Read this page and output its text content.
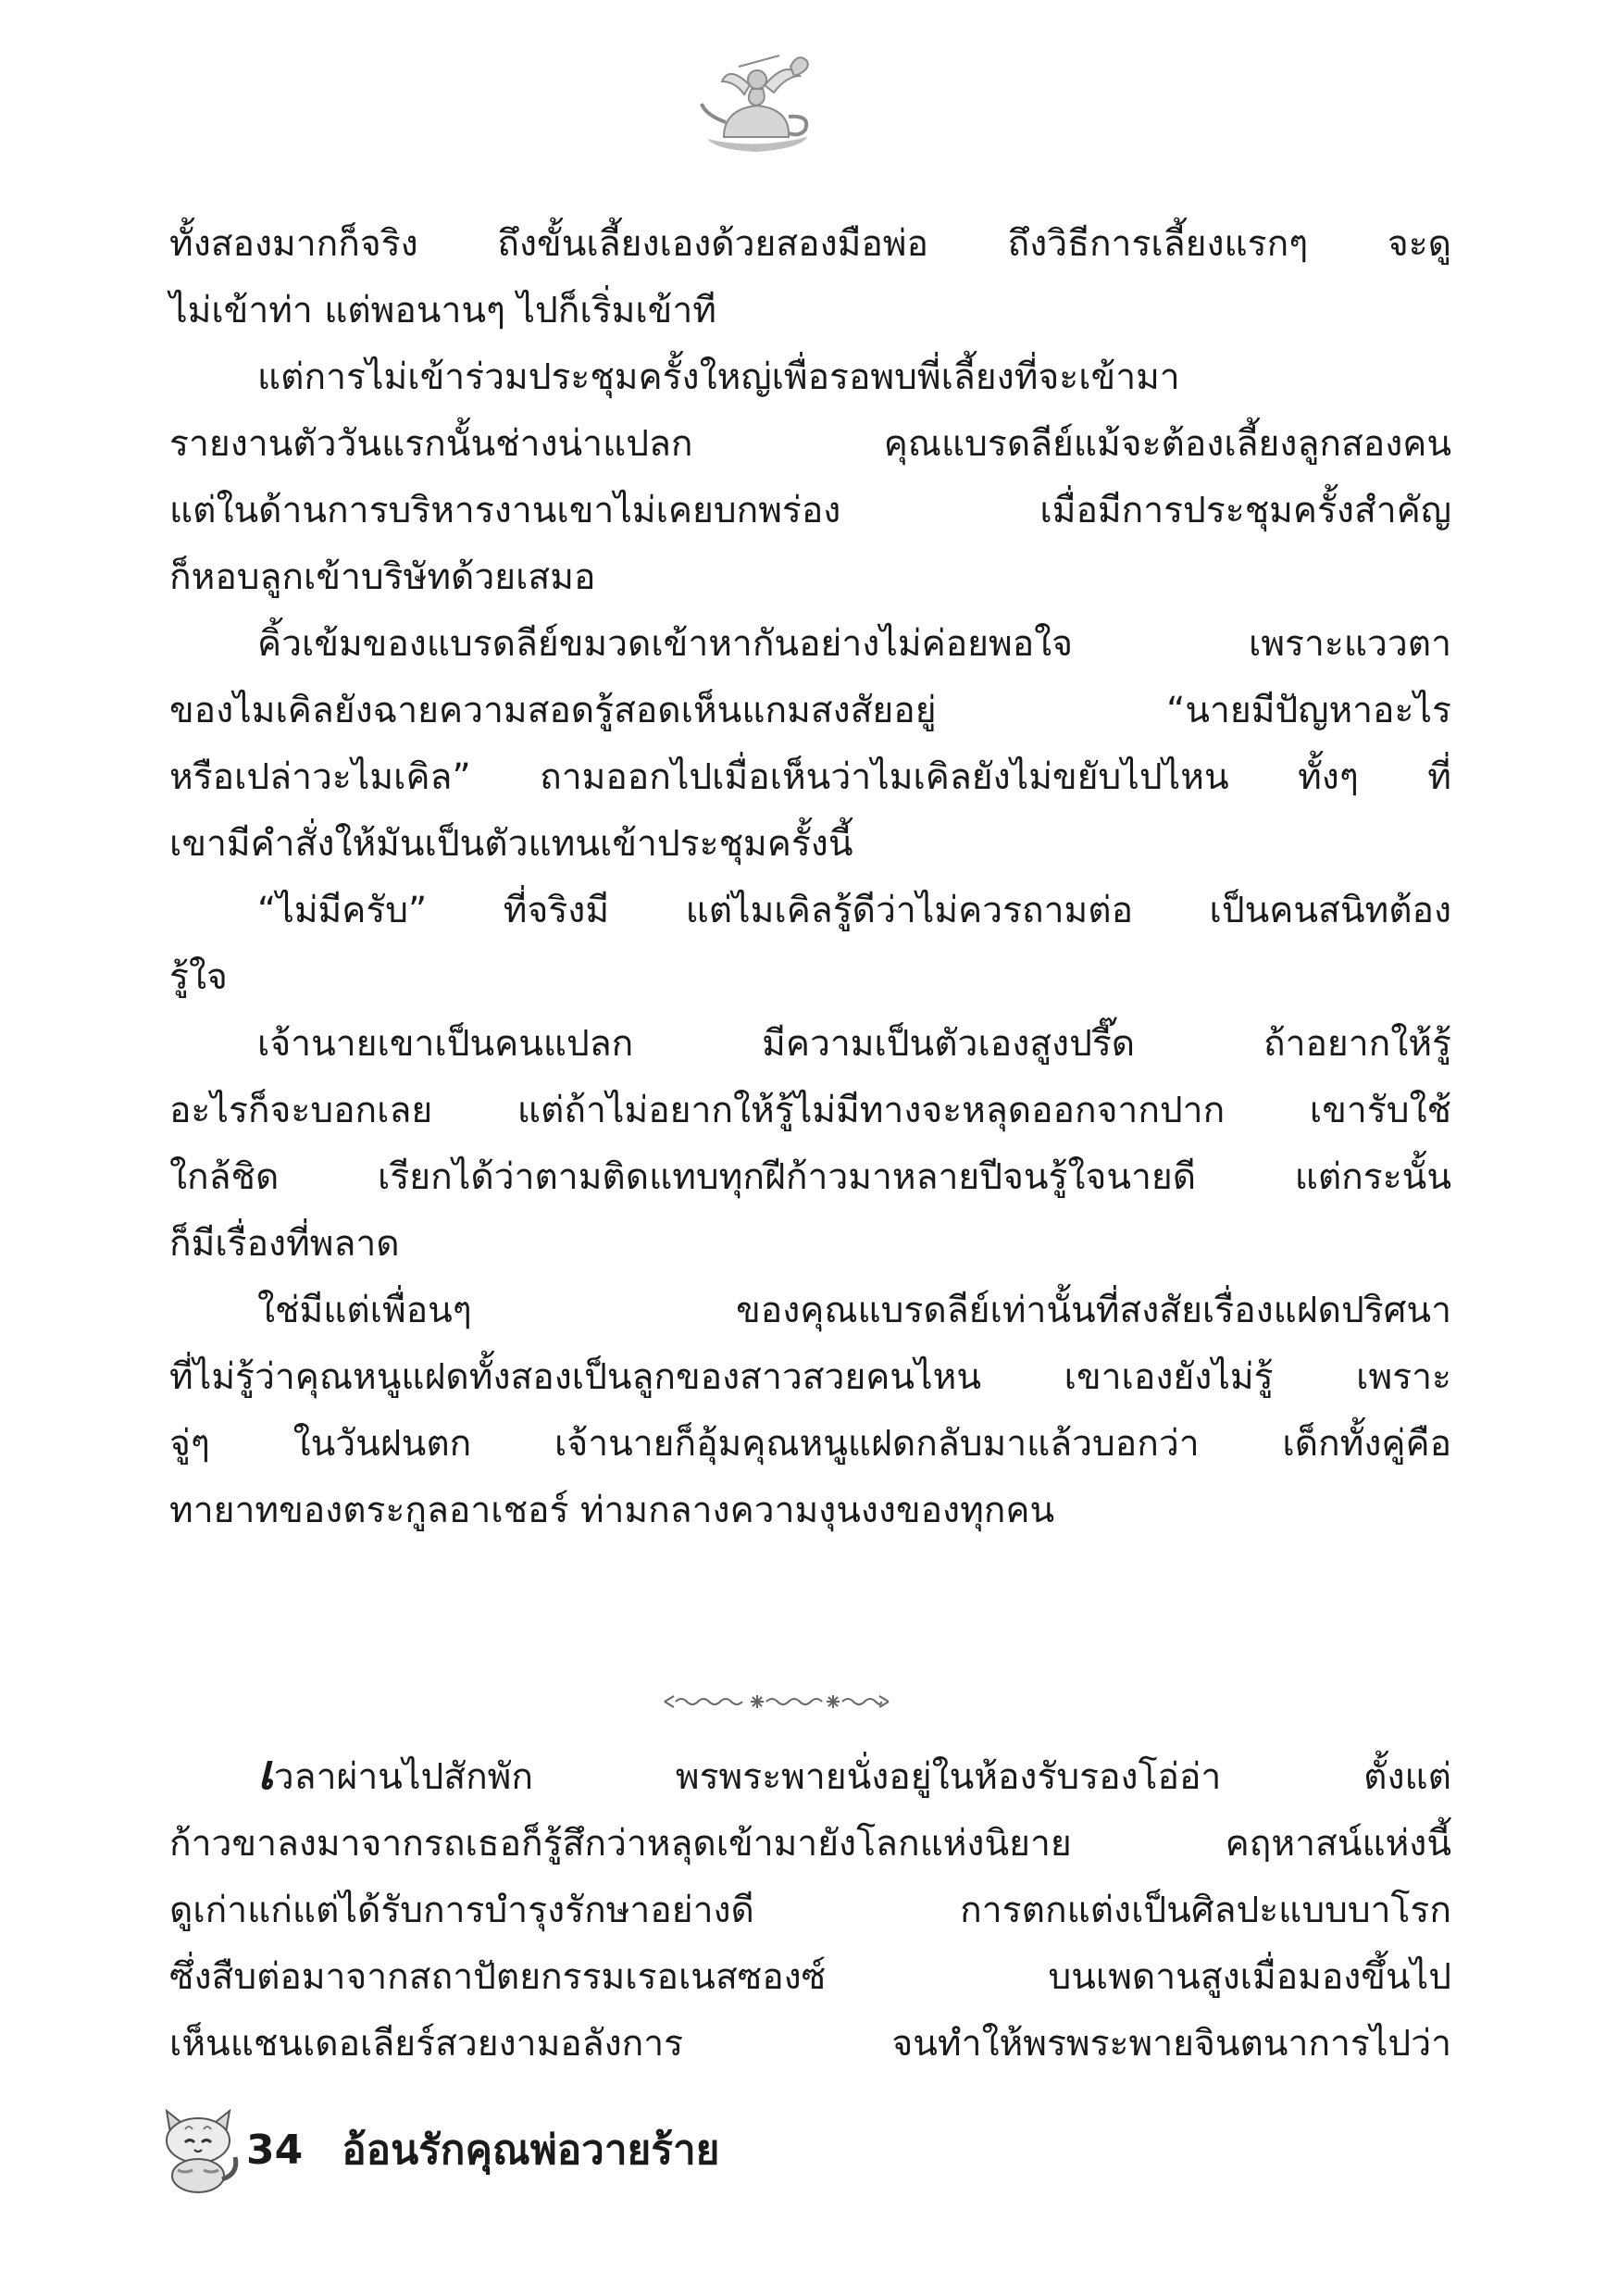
ทั้งสองมากก็จริง ถึงขั้นเลี้ยงเองด้วยสองมือพ่อ ถึงวิธีการเลี้ยงแรกๆ จะดู
ไม่เข้าท่า แต่พอนานๆ ไปก็เริ่มเข้าที
แต่การไม่เข้าร่วมประชุมครั้งใหญ่เพื่อรอพบพี่เลี้ยงที่จะเข้ามา
รายงานตัววันแรกนั้นช่างน่าแปลก คุณแบรดลีย์แม้จะต้องเลี้ยงลูกสองคน
แต่ในด้านการบริหารงานเขาไม่เคยบกพร่อง เมื่อมีการประชุมครั้งสำคัญ
ก็หอบลูกเข้าบริษัทด้วยเสมอ
คิ้วเข้มของแบรดลีย์ขมวดเข้าหากันอย่างไม่ค่อยพอใจ เพราะแววตา
ของไมเคิลยังฉายความสอดรู้สอดเห็นแกมสงสัยอยู่ “นายมีปัญหาอะไร
หรือเปล่าวะไมเคิล” ถามออกไปเมื่อเห็นว่าไมเคิลยังไม่ขยับไปไหน ทั้งๆ ที่
เขามีคำสั่งให้มันเป็นตัวแทนเข้าประชุมครั้งนี้
“ไม่มีครับ” ที่จริงมี แต่ไมเคิลรู้ดีว่าไม่ควรถามต่อ เป็นคนสนิทต้อง
รู้ใจ
เจ้านายเขาเป็นคนแปลก มีความเป็นตัวเองสูงปรี๊ด ถ้าอยากให้รู้
อะไรก็จะบอกเลย แต่ถ้าไม่อยากให้รู้ไม่มีทางจะหลุดออกจากปาก เขารับใช้
ใกล้ชิด เรียกได้ว่าตามติดแทบทุกฝีก้าวมาหลายปีจนรู้ใจนายดี แต่กระนั้น
ก็มีเรื่องที่พลาด
ใช่มีแต่เพื่อนๆ ของคุณแบรดลีย์เท่านั้นที่สงสัยเรื่องแฝดปริศนา
ที่ไม่รู้ว่าคุณหนูแฝดทั้งสองเป็นลูกของสาวสวยคนไหน เขาเองยังไม่รู้ เพราะ
จู่ๆ ในวันฝนตก เจ้านายก็อุ้มคุณหนูแฝดกลับมาแล้วบอกว่า เด็กทั้งคู่คือ
ทายาทของตระกูลอาเชอร์ ท่ามกลางความงุนงงของทุกคน
เวลาผ่านไปสักพัก พรพระพายนั่งอยู่ในห้องรับรองโอ่อ่า ตั้งแต่
ก้าวขาลงมาจากรถเธอก็รู้สึกว่าหลุดเข้ามายังโลกแห่งนิยาย คฤหาสน์แห่งนี้
ดูเก่าแก่แต่ได้รับการบำรุงรักษาอย่างดี การตกแต่งเป็นศิลปะแบบบาโรก
ซึ่งสืบต่อมาจากสถาปัตยกรรมเรอเนสซองซ์ บนเพดานสูงเมื่อมองขึ้นไป
เห็นแชนเดอเลียร์สวยงามอลังการ จนทำให้พรพระพายจินตนาการไปว่า
34 อ้อนรักคุณพ่อวายร้าย
